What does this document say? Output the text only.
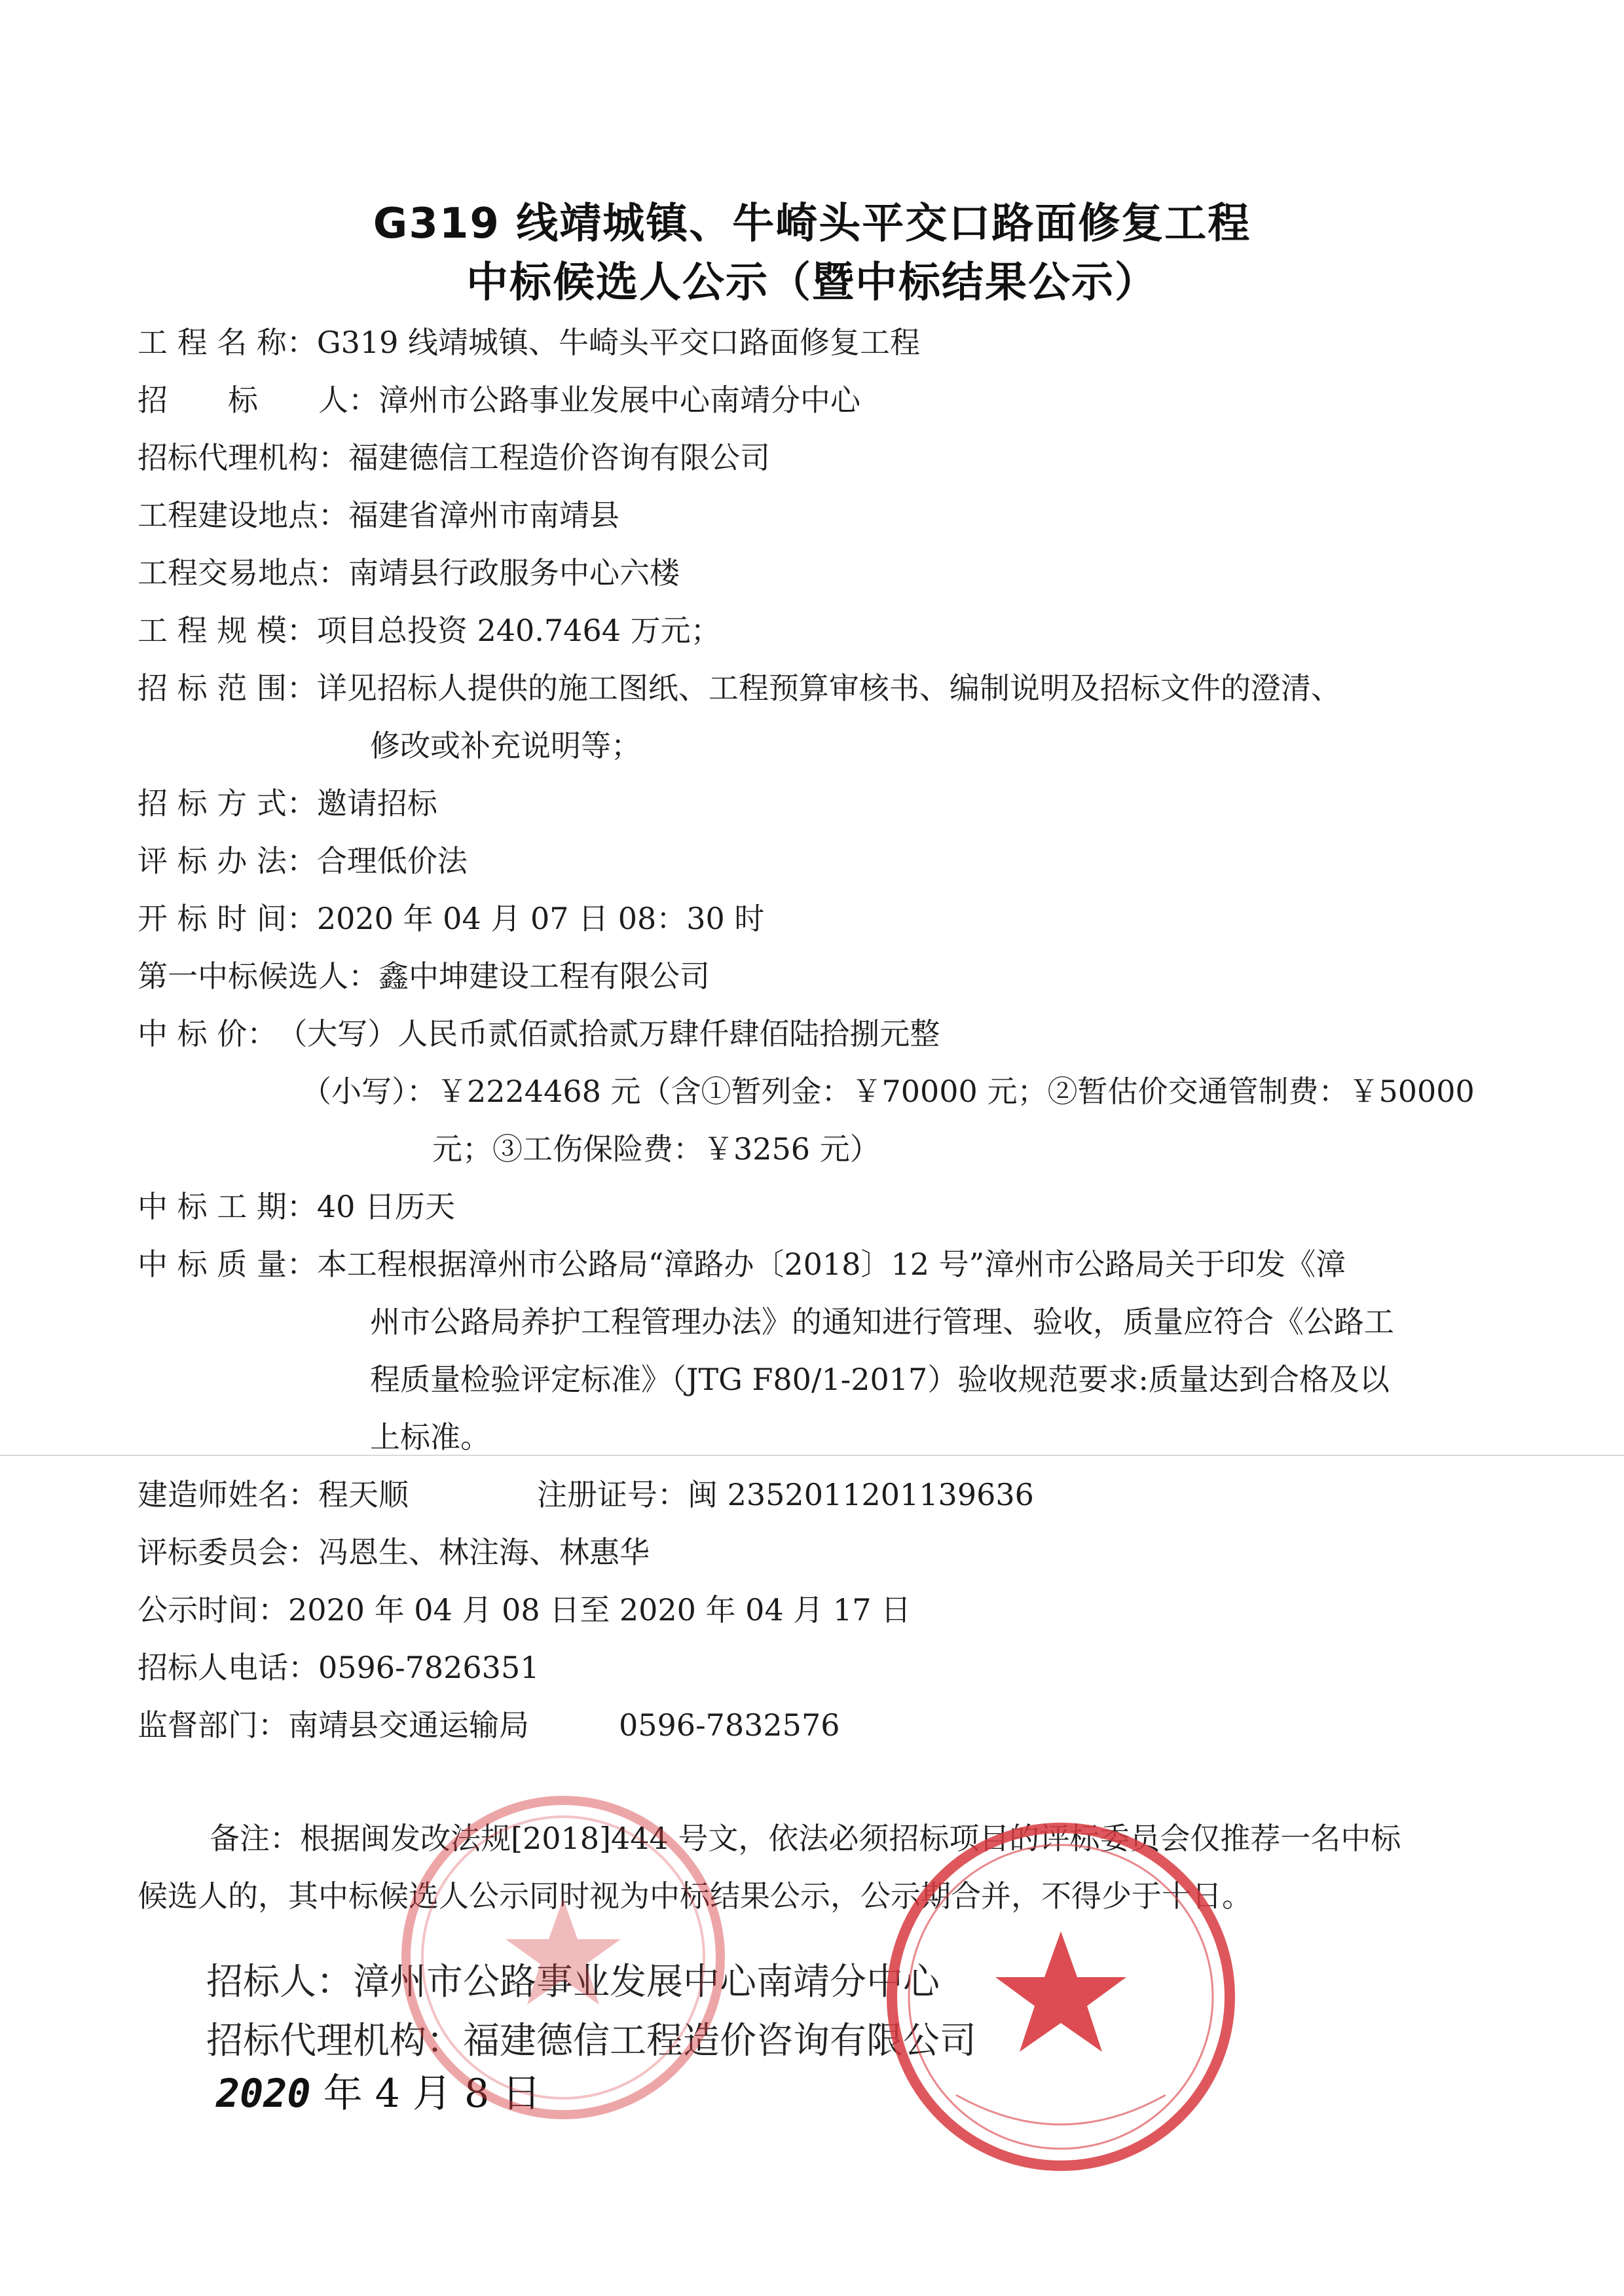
G319 线靖城镇、牛崎头平交口路面修复工程
中标候选人公示（暨中标结果公示）
工 程 名 称：G319 线靖城镇、牛崎头平交口路面修复工程
招　　标　　人：漳州市公路事业发展中心南靖分中心
招标代理机构：福建德信工程造价咨询有限公司
工程建设地点：福建省漳州市南靖县
工程交易地点：南靖县行政服务中心六楼
工 程 规 模：项目总投资 240.7464 万元；
招 标 范 围：详见招标人提供的施工图纸、工程预算审核书、编制说明及招标文件的澄清、
修改或补充说明等；
招 标 方 式：邀请招标
评 标 办 法：合理低价法
开 标 时 间：2020 年 04 月 07 日 08：30 时
第一中标候选人：鑫中坤建设工程有限公司
中 标 价：（大写）人民币贰佰贰拾贰万肆仟肆佰陆拾捌元整
（小写）：￥2224468 元（含①暂列金：￥70000 元；②暂估价交通管制费：￥50000
元；③工伤保险费：￥3256 元）
中 标 工 期：40 日历天
中 标 质 量：本工程根据漳州市公路局“漳路办〔2018〕12 号”漳州市公路局关于印发《漳
州市公路局养护工程管理办法》的通知进行管理、验收，质量应符合《公路工
程质量检验评定标准》（JTG F80/1-2017）验收规范要求:质量达到合格及以
上标准。
建造师姓名：程天顺	注册证号：闽 2352011201139636
评标委员会：冯恩生、林注海、林惠华
公示时间：2020 年 04 月 08 日至 2020 年 04 月 17 日
招标人电话：0596-7826351
监督部门：南靖县交通运输局	0596-7832576
备注：根据闽发改法规[2018]444 号文，依法必须招标项目的评标委员会仅推荐一名中标
候选人的，其中标候选人公示同时视为中标结果公示，公示期合并，不得少于十日。
招标人：漳州市公路事业发展中心南靖分中心
招标代理机构：福建德信工程造价咨询有限公司
2020 年 4 月 8 日
